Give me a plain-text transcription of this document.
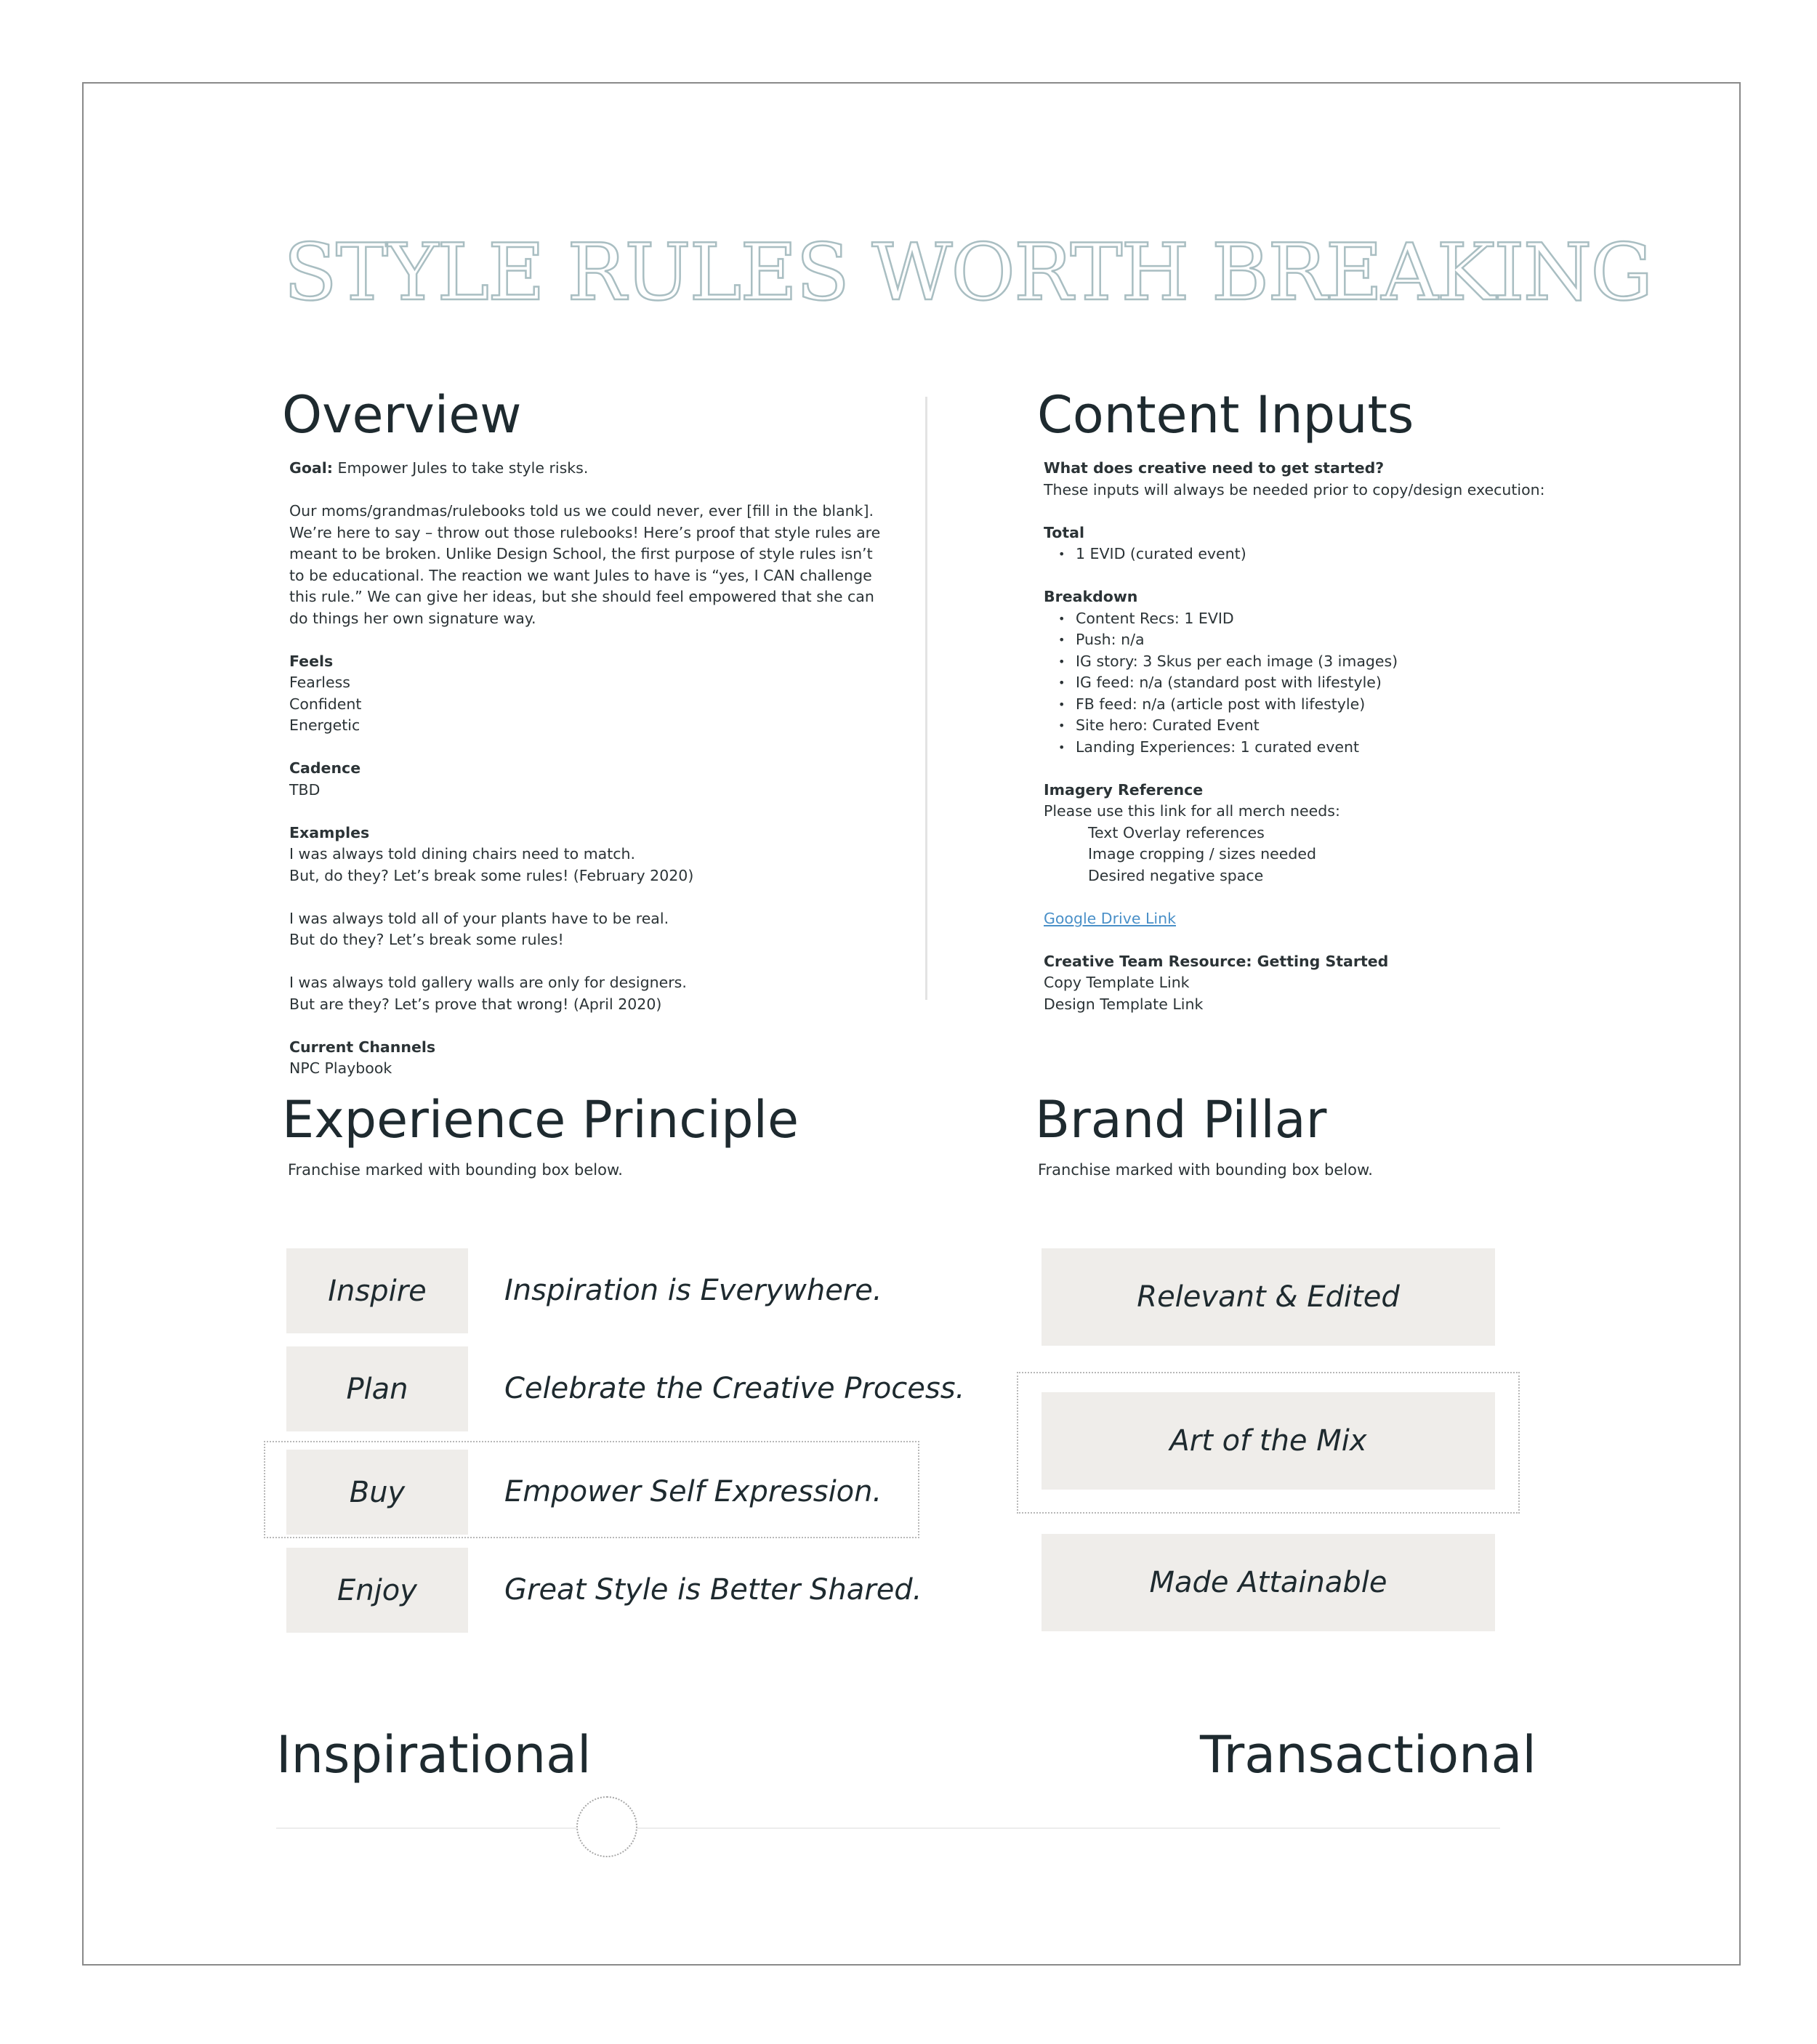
STYLE RULES WORTH BREAKING
Overview

Goal: Empower Jules to take style risks.

Our moms/grandmas/rulebooks told us we could never, ever [fill in the blank].

We’re here to say – throw out those rulebooks! Here’s proof that style rules are

meant to be broken. Unlike Design School, the first purpose of style rules isn’t

to be educational. The reaction we want Jules to have is “yes, I CAN challenge

this rule.” We can give her ideas, but she should feel empowered that she can

do things her own signature way.

Feels

Fearless

Confident

Energetic

Cadence

TBD

Examples

I was always told dining chairs need to match.

But, do they? Let’s break some rules! (February 2020)

I was always told all of your plants have to be real.

But do they? Let’s break some rules!

I was always told gallery walls are only for designers.

But are they? Let’s prove that wrong! (April 2020)

Current Channels

NPC Playbook

Content Inputs

What does creative need to get started?

These inputs will always be needed prior to copy/design execution:

Total

• 1 EVID (curated event)

Breakdown

• Content Recs: 1 EVID
• Push: n/a
• IG story: 3 Skus per each image (3 images)
• IG feed: n/a (standard post with lifestyle)
• FB feed: n/a (article post with lifestyle)
• Site hero: Curated Event
• Landing Experiences: 1 curated event

Imagery Reference

Please use this link for all merch needs:

Text Overlay references

Image cropping / sizes needed

Desired negative space

Google Drive Link

Creative Team Resource: Getting Started

Copy Template Link

Design Template Link

Experience Principle
Franchise marked with bounding box below.
Inspire	Inspiration is Everywhere.
Plan	Celebrate the Creative Process.
Buy	Empower Self Expression.
Enjoy	Great Style is Better Shared.
Brand Pillar
Franchise marked with bounding box below.
Relevant & Edited
Art of the Mix
Made Attainable
Inspirational	Transactional
